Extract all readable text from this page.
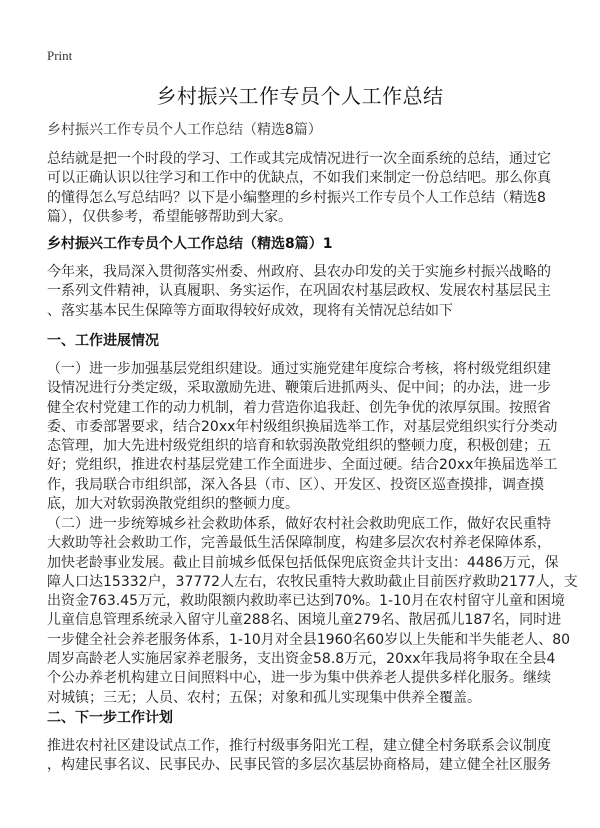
Print
乡村振兴工作专员个人工作总结
乡村振兴工作专员个人工作总结（精选8篇）
总结就是把一个时段的学习、工作或其完成情况进行一次全面系统的总结，通过它
可以正确认识以往学习和工作中的优缺点，不如我们来制定一份总结吧。那么你真
的懂得怎么写总结吗？以下是小编整理的乡村振兴工作专员个人工作总结（精选8
篇），仅供参考，希望能够帮助到大家。
乡村振兴工作专员个人工作总结（精选8篇）1
今年来，我局深入贯彻落实州委、州政府、县农办印发的关于实施乡村振兴战略的
一系列文件精神，认真履职、务实运作，在巩固农村基层政权、发展农村基层民主
、落实基本民生保障等方面取得较好成效，现将有关情况总结如下
一、工作进展情况
（一）进一步加强基层党组织建设。通过实施党建年度综合考核，将村级党组织建
设情况进行分类定级，采取激励先进、鞭策后进抓两头、促中间；的办法，进一步
健全农村党建工作的动力机制，着力营造你追我赶、创先争优的浓厚氛围。按照省
委、市委部署要求，结合20xx年村级组织换届选举工作，对基层党组织实行分类动
态管理，加大先进村级党组织的培育和软弱涣散党组织的整顿力度，积极创建；五
好；党组织，推进农村基层党建工作全面进步、全面过硬。结合20xx年换届选举工
作，我局联合市组织部，深入各县（市、区）、开发区、投资区巡查摸排，调查摸
底，加大对软弱涣散党组织的整顿力度。
（二）进一步统筹城乡社会救助体系，做好农村社会救助兜底工作，做好农民重特
大救助等社会救助工作，完善最低生活保障制度，构建多层次农村养老保障体系，
加快老龄事业发展。截止目前城乡低保包括低保兜底资金共计支出：4486万元，保
障人口达15332户，37772人左右，农牧民重特大救助截止目前医疗救助2177人，支
出资金763.45万元，救助限额内救助率已达到70%。1-10月在农村留守儿童和困境
儿童信息管理系统录入留守儿童288名、困境儿童279名、散居孤儿187名，同时进
一步健全社会养老服务体系，1-10月对全县1960名60岁以上失能和半失能老人、80
周岁高龄老人实施居家养老服务，支出资金58.8万元，20xx年我局将争取在全县4
个公办养老机构建立日间照料中心，进一步为集中供养老人提供多样化服务。继续
对城镇；三无；人员、农村；五保；对象和孤儿实现集中供养全覆盖。
二、下一步工作计划
推进农村社区建设试点工作，推行村级事务阳光工程，建立健全村务联系会议制度
，构建民事名议、民事民办、民事民管的多层次基层协商格局，建立健全社区服务
